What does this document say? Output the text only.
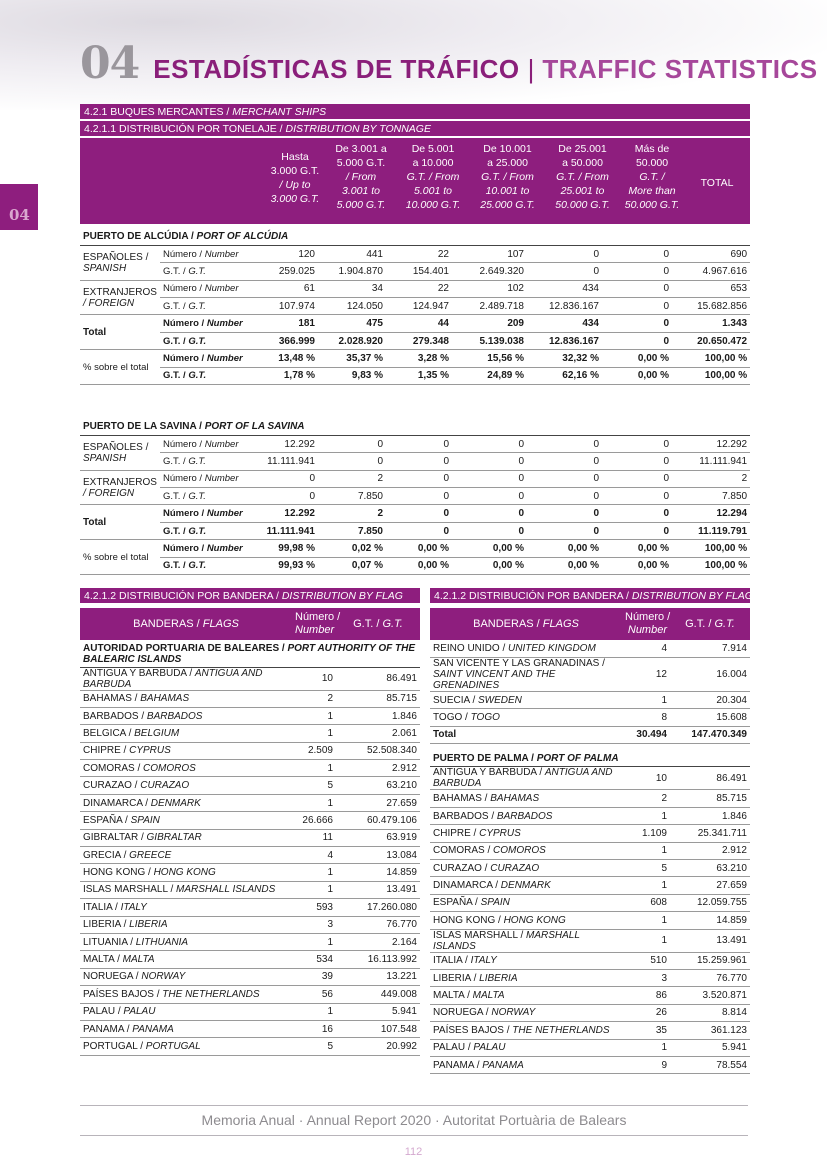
04 ESTADÍSTICAS DE TRÁFICO | TRAFFIC STATISTICS
04
4.2.1 BUQUES MERCANTES / MERCHANT SHIPS
4.2.1.1 DISTRIBUCIÓN POR TONELAJE / DISTRIBUTION BY TONNAGE
Hasta
3.000 G.T.
/ Up to
3.000 G.T.

De 3.001 a
5.000 G.T.
/ From
3.001 to
5.000 G.T.

De 5.001
a 10.000
G.T. / From
5.001 to
10.000 G.T.

De 10.001
a 25.000
G.T. / From
10.001 to
25.000 G.T.

De 25.001
a 50.000
G.T. / From
25.001 to
50.000 G.T.

Más de
50.000
G.T. /
More than
50.000 G.T.

TOTAL

PUERTO DE ALCÚDIA / PORT OF ALCÚDIA								
ESPAÑOLES /
SPANISH	Número / Number	120	441	22	107	0	0	690
	G.T. / G.T.	259.025	1.904.870	154.401	2.649.320	0	0	4.967.616
EXTRANJEROS
/ FOREIGN	Número / Number	61	34	22	102	434	0	653
	G.T. / G.T.	107.974	124.050	124.947	2.489.718	12.836.167	0	15.682.856
Total	Número / Number	181	475	44	209	434	0	1.343
	G.T. / G.T.	366.999	2.028.920	279.348	5.139.038	12.836.167	0	20.650.472
% sobre el total	Número / Number	13,48 %	35,37 %	3,28 %	15,56 %	32,32 %	0,00 %	100,00 %
	G.T. / G.T.	1,78 %	9,83 %	1,35 %	24,89 %	62,16 %	0,00 %	100,00 %
PUERTO DE LA SAVINA / PORT OF LA SAVINA								
ESPAÑOLES /
SPANISH	Número / Number	12.292	0	0	0	0	0	12.292
	G.T. / G.T.	11.111.941	0	0	0	0	0	11.111.941
EXTRANJEROS
/ FOREIGN	Número / Number	0	2	0	0	0	0	2
	G.T. / G.T.	0	7.850	0	0	0	0	7.850
Total	Número / Number	12.292	2	0	0	0	0	12.294
	G.T. / G.T.	11.111.941	7.850	0	0	0	0	11.119.791
% sobre el total	Número / Number	99,98 %	0,02 %	0,00 %	0,00 %	0,00 %	0,00 %	100,00 %
	G.T. / G.T.	99,93 %	0,07 %	0,00 %	0,00 %	0,00 %	0,00 %	100,00 %
4.2.1.2 DISTRIBUCIÓN POR BANDERA / DISTRIBUTION BY FLAG	4.2.1.2 DISTRIBUCIÓN POR BANDERA / DISTRIBUTION BY FLAG
BANDERAS / FLAGS	Número /
Number	G.T. / G.T.
AUTORIDAD PORTUARIA DE BALEARES / PORT AUTHORITY OF THE BALEARIC ISLANDS		
ANTIGUA Y BARBUDA / ANTIGUA AND BARBUDA	10	86.491
BAHAMAS / BAHAMAS	2	85.715
BARBADOS / BARBADOS	1	1.846
BELGICA / BELGIUM	1	2.061
CHIPRE / CYPRUS	2.509	52.508.340
COMORAS / COMOROS	1	2.912
CURAZAO / CURAZAO	5	63.210
DINAMARCA / DENMARK	1	27.659
ESPAÑA / SPAIN	26.666	60.479.106
GIBRALTAR / GIBRALTAR	11	63.919
GRECIA / GREECE	4	13.084
HONG KONG / HONG KONG	1	14.859
ISLAS MARSHALL / MARSHALL ISLANDS	1	13.491
ITALIA / ITALY	593	17.260.080
LIBERIA / LIBERIA	3	76.770
LITUANIA / LITHUANIA	1	2.164
MALTA / MALTA	534	16.113.992
NORUEGA / NORWAY	39	13.221
PAÍSES BAJOS / THE NETHERLANDS	56	449.008
PALAU / PALAU	1	5.941
PANAMA / PANAMA	16	107.548
PORTUGAL / PORTUGAL	5	20.992
BANDERAS / FLAGS	Número /
Number	G.T. / G.T.
REINO UNIDO / UNITED KINGDOM	4	7.914
SAN VICENTE Y LAS GRANADINAS / SAINT VINCENT AND THE GRENADINES	12	16.004
SUECIA / SWEDEN	1	20.304
TOGO / TOGO	8	15.608
Total	30.494	147.470.349

PUERTO DE PALMA / PORT OF PALMA		
ANTIGUA Y BARBUDA / ANTIGUA AND BARBUDA	10	86.491
BAHAMAS / BAHAMAS	2	85.715
BARBADOS / BARBADOS	1	1.846
CHIPRE / CYPRUS	1.109	25.341.711
COMORAS / COMOROS	1	2.912
CURAZAO / CURAZAO	5	63.210
DINAMARCA / DENMARK	1	27.659
ESPAÑA / SPAIN	608	12.059.755
HONG KONG / HONG KONG	1	14.859
ISLAS MARSHALL / MARSHALL ISLANDS	1	13.491
ITALIA / ITALY	510	15.259.961
LIBERIA / LIBERIA	3	76.770
MALTA / MALTA	86	3.520.871
NORUEGA / NORWAY	26	8.814
PAÍSES BAJOS / THE NETHERLANDS	35	361.123
PALAU / PALAU	1	5.941
PANAMA / PANAMA	9	78.554
Memoria Anual · Annual Report 2020 · Autoritat Portuària de Balears
112
